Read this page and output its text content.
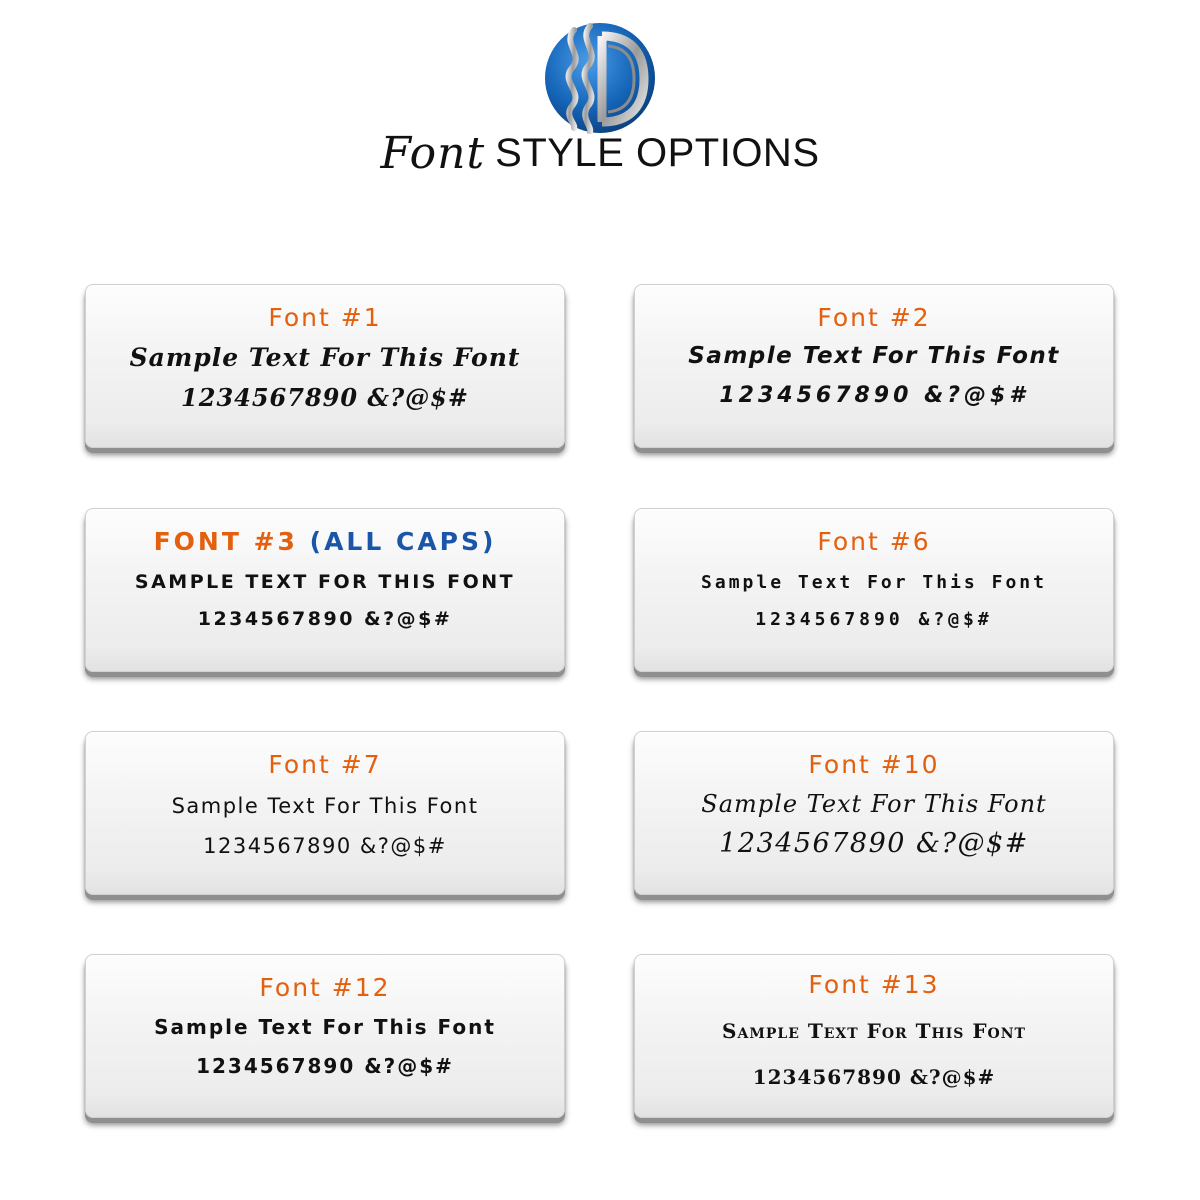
Font STYLE OPTIONS
Font #1
Sample Text For This Font
1234567890 &?@$#
Font #2
Sample Text For This Font
1234567890 &?@$#
FONT #3 (ALL CAPS)
SAMPLE TEXT FOR THIS FONT
1234567890 &?@$#
Font #6
Sample Text For This Font
1234567890 &?@$#
Font #7
Sample Text For This Font
1234567890 &?@$#
Font #10
Sample Text For This Font
1234567890 &?@$#
Font #12
Sample Text For This Font
1234567890 &?@$#
Font #13
Sample Text For This Font
1234567890 &?@$#
